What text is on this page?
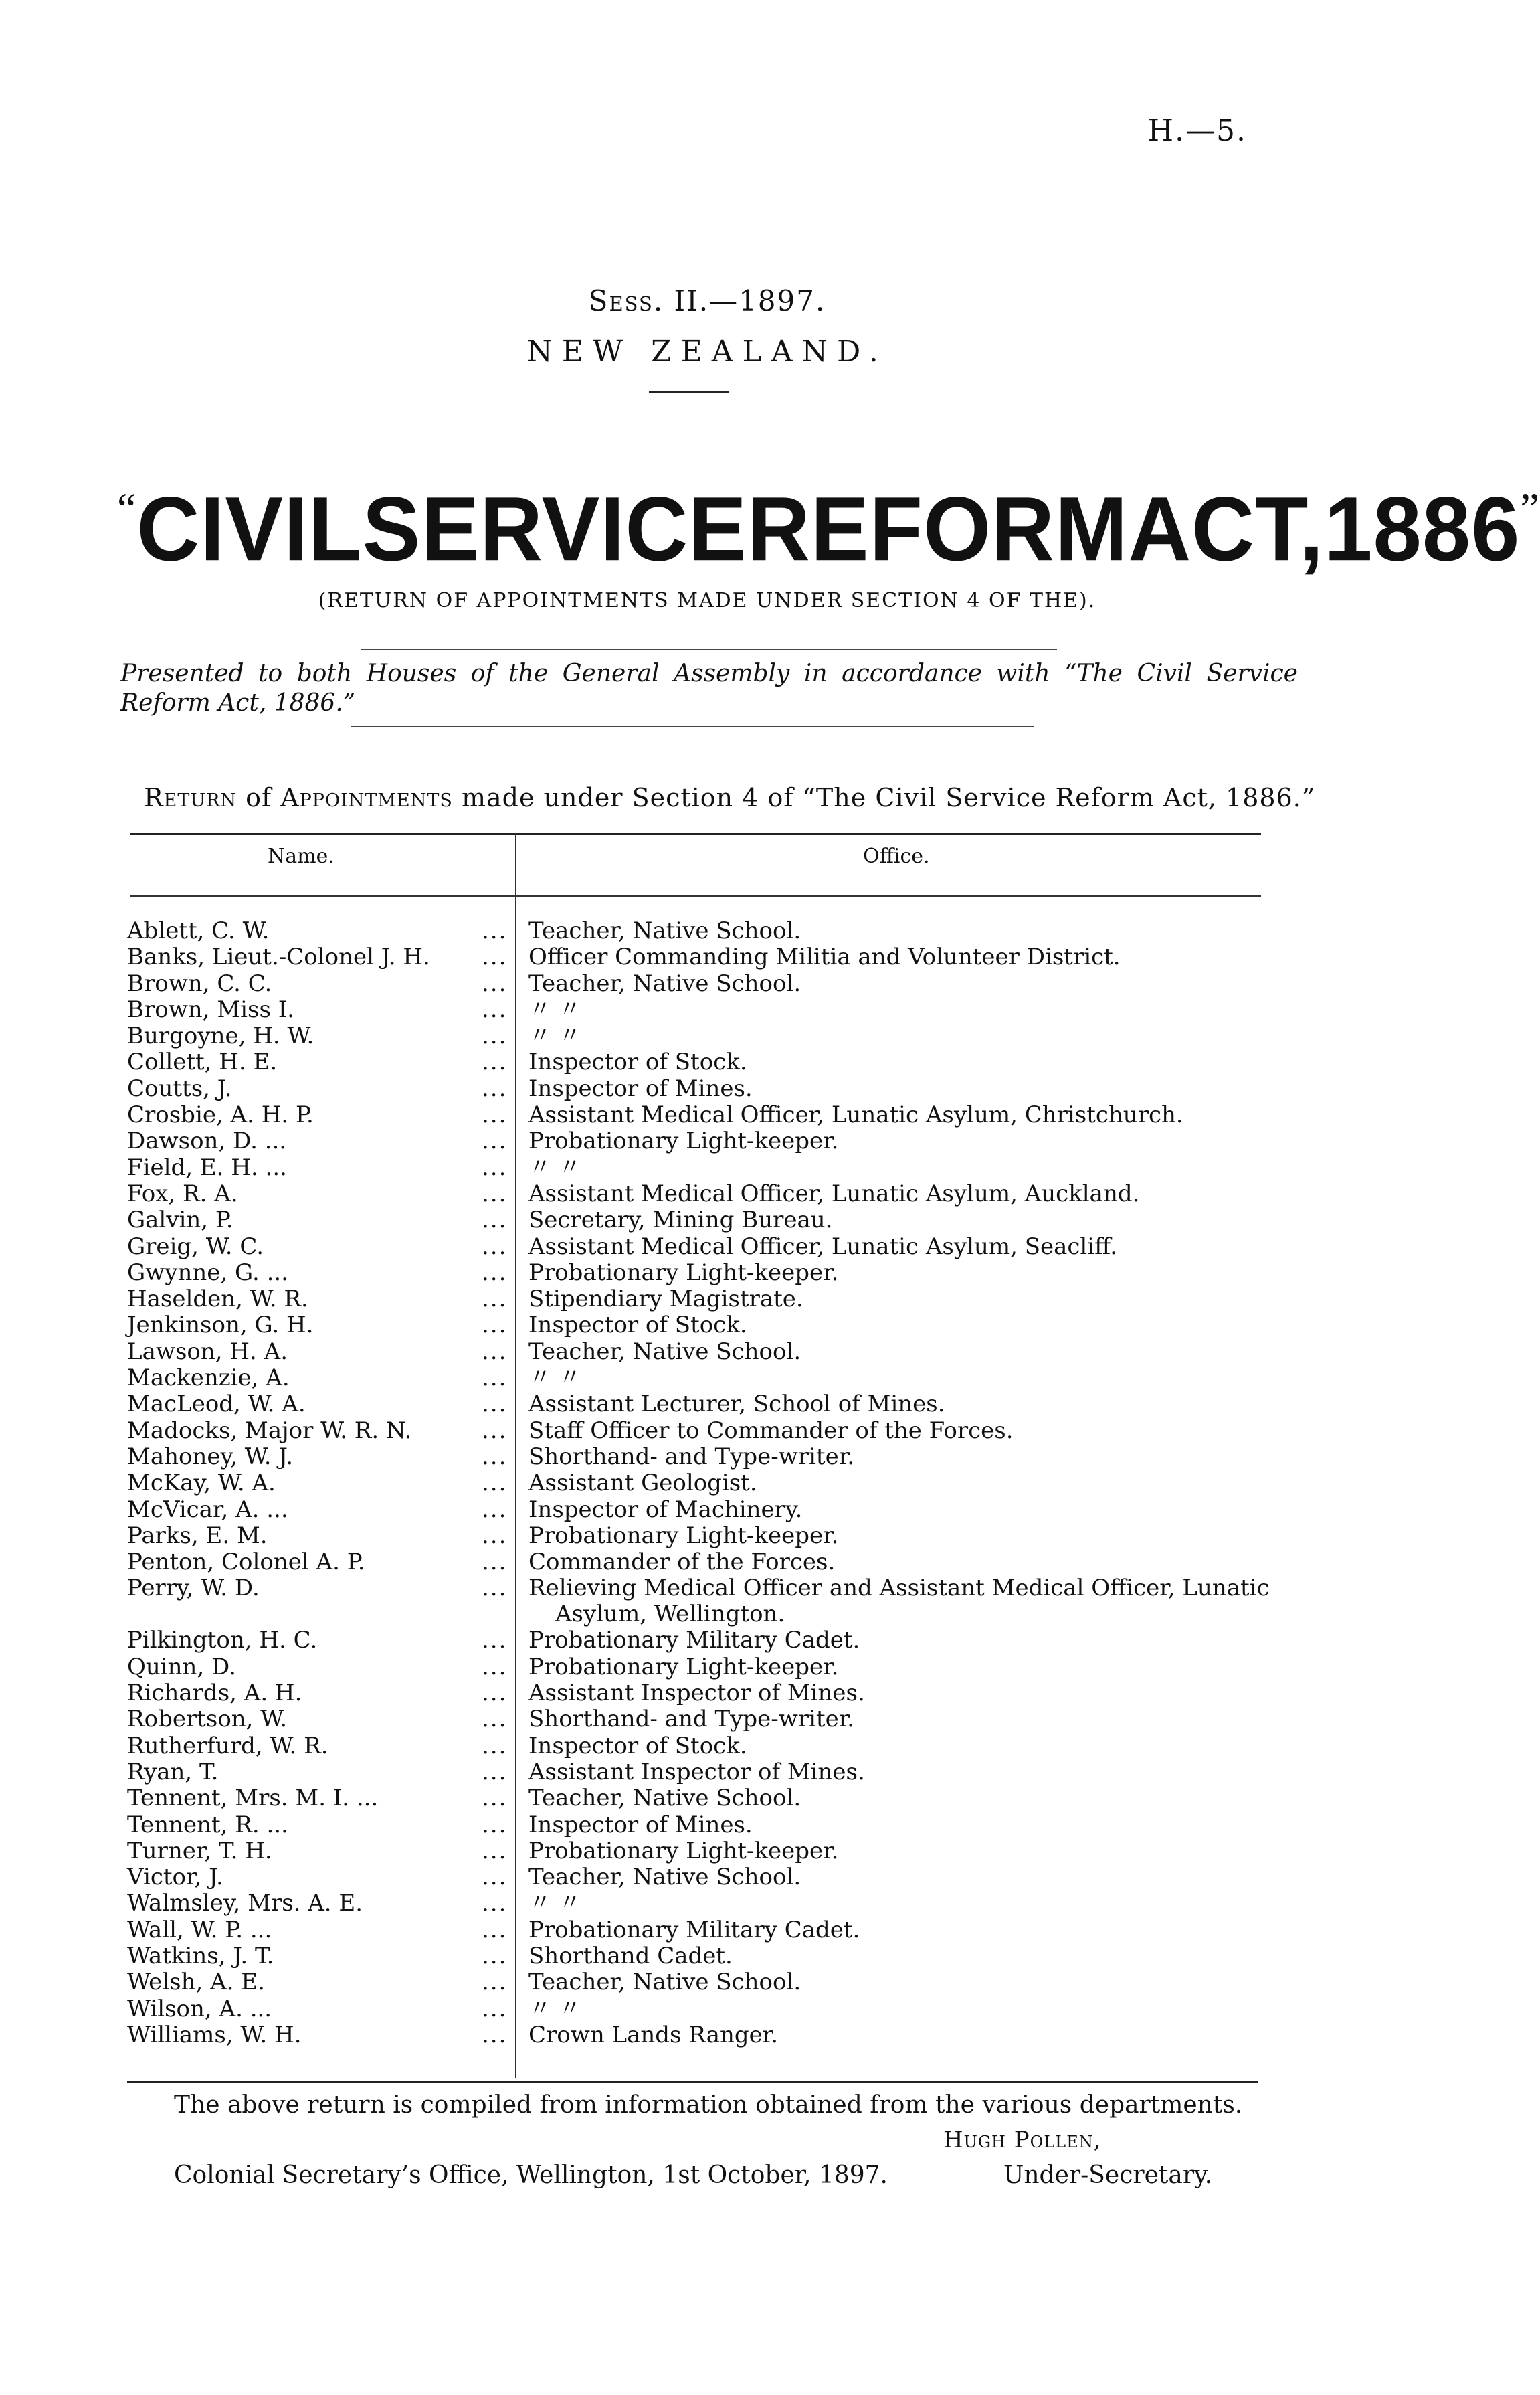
H.—5.
Sess. II.—1897.
NEW ZEALAND.
“ CIVIL SERVICE REFORM ACT, 1886 ”
(RETURN OF APPOINTMENTS MADE UNDER SECTION 4 OF THE).
Presented to both Houses of the General Assembly in accordance with “The Civil Service Reform Act, 1886.”
Return of Appointments made under Section 4 of “The Civil Service Reform Act, 1886.”
Name.	Office.
Ablett, C. W.	... Teacher, Native School.
Banks, Lieut.-Colonel J. H. ... Officer Commanding Militia and Volunteer District.
Brown, C. C.	... Teacher, Native School.
Brown, Miss I.	... 〃 〃
Burgoyne, H. W.	... 〃 〃
Collett, H. E.	... Inspector of Stock.
Coutts, J.	... Inspector of Mines.
Crosbie, A. H. P.	... Assistant Medical Officer, Lunatic Asylum, Christchurch.
Dawson, D. ...	... Probationary Light-keeper.
Field, E. H. ...	... 〃 〃
Fox, R. A.	... Assistant Medical Officer, Lunatic Asylum, Auckland.
Galvin, P.	... Secretary, Mining Bureau.
Greig, W. C.	... Assistant Medical Officer, Lunatic Asylum, Seacliff.
Gwynne, G. ...	... Probationary Light-keeper.
Haselden, W. R.	... Stipendiary Magistrate.
Jenkinson, G. H.	... Inspector of Stock.
Lawson, H. A.	... Teacher, Native School.
Mackenzie, A.	... 〃 〃
MacLeod, W. A.	... Assistant Lecturer, School of Mines.
Madocks, Major W. R. N.	... Staff Officer to Commander of the Forces.
Mahoney, W. J.	... Shorthand- and Type-writer.
McKay, W. A.	... Assistant Geologist.
McVicar, A. ...	... Inspector of Machinery.
Parks, E. M.	... Probationary Light-keeper.
Penton, Colonel A. P.	... Commander of the Forces.
Perry, W. D.	... Relieving Medical Officer and Assistant Medical Officer, Lunatic
Asylum, Wellington.
Pilkington, H. C.	... Probationary Military Cadet.
Quinn, D.	... Probationary Light-keeper.
Richards, A. H.	... Assistant Inspector of Mines.
Robertson, W.	... Shorthand- and Type-writer.
Rutherfurd, W. R.	... Inspector of Stock.
Ryan, T.	... Assistant Inspector of Mines.
Tennent, Mrs. M. I. ...	... Teacher, Native School.
Tennent, R. ...	... Inspector of Mines.
Turner, T. H.	... Probationary Light-keeper.
Victor, J.	... Teacher, Native School.
Walmsley, Mrs. A. E.	... 〃 〃
Wall, W. P. ...	... Probationary Military Cadet.
Watkins, J. T.	... Shorthand Cadet.
Welsh, A. E.	... Teacher, Native School.
Wilson, A. ...	... 〃 〃
Williams, W. H.	... Crown Lands Ranger.
The above return is compiled from information obtained from the various departments.
Hugh Pollen,
Colonial Secretary’s Office, Wellington, 1st October, 1897.	Under-Secretary.
